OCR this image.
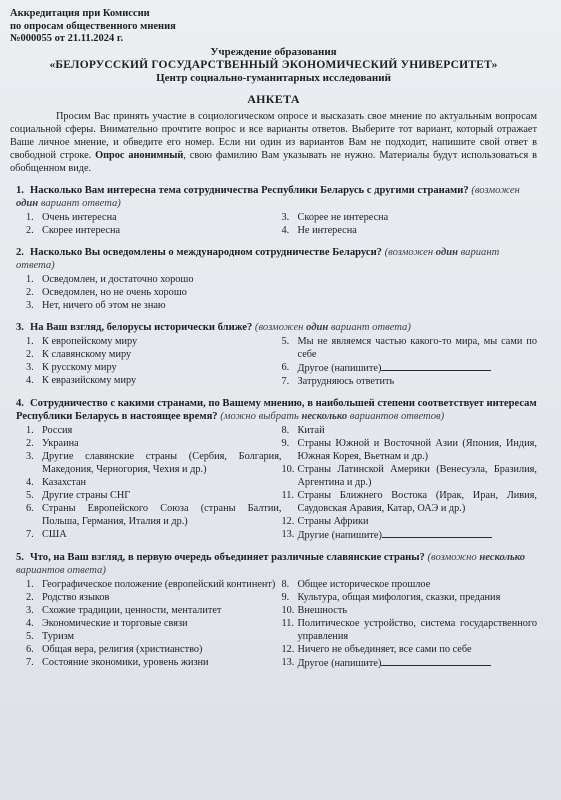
Аккредитация при Комиссии
по опросам общественного мнения
№000055 от 21.11.2024 г.
Учреждение образования
«БЕЛОРУССКИЙ ГОСУДАРСТВЕННЫЙ ЭКОНОМИЧЕСКИЙ УНИВЕРСИТЕТ»
Центр социально-гуманитарных исследований
АНКЕТА
Просим Вас принять участие в социологическом опросе и высказать свое мнение по актуальным вопросам социальной сферы. Внимательно прочтите вопрос и все варианты ответов. Выберите тот вариант, который отражает Ваше личное мнение, и обведите его номер. Если ни один из вариантов Вам не подходит, напишите свой ответ в свободной строке. Опрос анонимный, свою фамилию Вам указывать не нужно. Материалы будут использоваться в обобщенном виде.
1. Насколько Вам интересна тема сотрудничества Республики Беларусь с другими странами? (возможен один вариант ответа)
1. Очень интересна
2. Скорее интересна
3. Скорее не интересна
4. Не интересна
2. Насколько Вы осведомлены о международном сотрудничестве Беларуси? (возможен один вариант ответа)
1. Осведомлен, и достаточно хорошо
2. Осведомлен, но не очень хорошо
3. Нет, ничего об этом не знаю
3. На Ваш взгляд, белорусы исторически ближе? (возможен один вариант ответа)
1. К европейскому миру
2. К славянскому миру
3. К русскому миру
4. К евразийскому миру
5. Мы не являемся частью какого-то мира, мы сами по себе
6. Другое (напишите)
7. Затрудняюсь ответить
4. Сотрудничество с какими странами, по Вашему мнению, в наибольшей степени соответствует интересам Республики Беларусь в настоящее время? (можно выбрать несколько вариантов ответов)
1. Россия
2. Украина
3. Другие славянские страны (Сербия, Болгария, Македония, Черногория, Чехия и др.)
4. Казахстан
5. Другие страны СНГ
6. Страны Европейского Союза (страны Балтии, Польша, Германия, Италия и др.)
7. США
8. Китай
9. Страны Южной и Восточной Азии (Япония, Индия, Южная Корея, Вьетнам и др.)
10. Страны Латинской Америки (Венесуэла, Бразилия, Аргентина и др.)
11. Страны Ближнего Востока (Ирак, Иран, Ливия, Саудовская Аравия, Катар, ОАЭ и др.)
12. Страны Африки
13. Другие (напишите)
5. Что, на Ваш взгляд, в первую очередь объединяет различные славянские страны? (возможно несколько вариантов ответа)
1. Географическое положение (европейский континент)
2. Родство языков
3. Схожие традиции, ценности, менталитет
4. Экономические и торговые связи
5. Туризм
6. Общая вера, религия (христианство)
7. Состояние экономики, уровень жизни
8. Общее историческое прошлое
9. Культура, общая мифология, сказки, предания
10. Внешность
11. Политическое устройство, система государственного управления
12. Ничего не объединяет, все сами по себе
13. Другое (напишите)
